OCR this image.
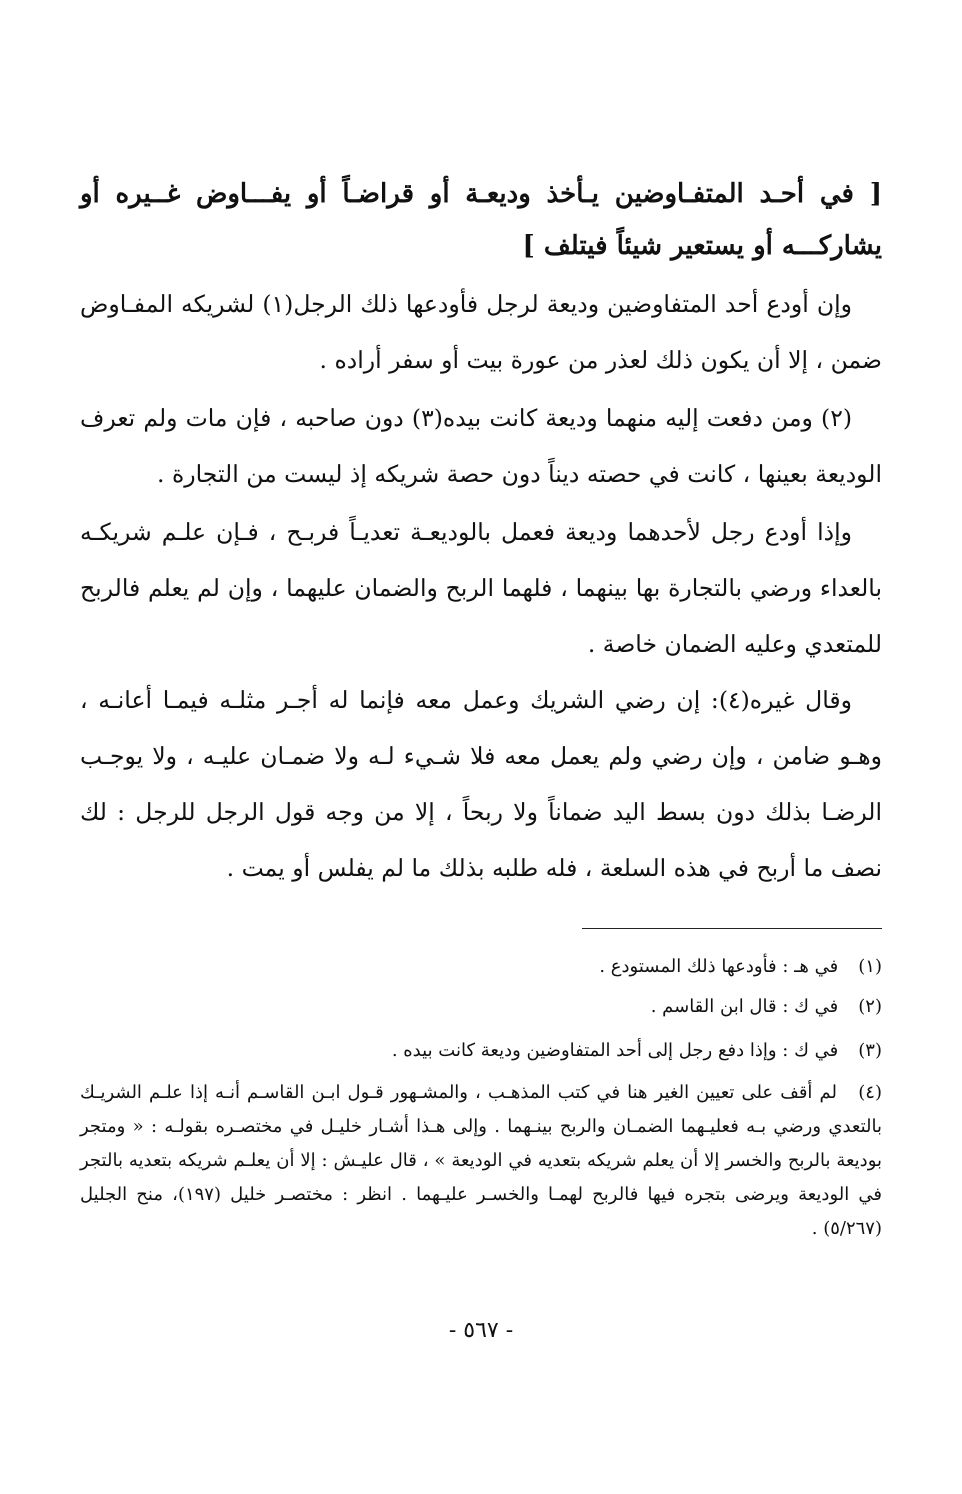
[ في أحـد المتفـاوضين يـأخذ وديعـة أو قراضـاً أو يفـــاوض غــيره أو يشاركـــه أو يستعير شيئاً فيتلف ]
وإن أودع أحد المتفاوضين وديعة لرجل فأودعها ذلك الرجل(١) لشريكه المفـاوض ضمن ، إلا أن يكون ذلك لعذر من عورة بيت أو سفر أراده .
(٢) ومن دفعت إليه منهما وديعة كانت بيده(٣) دون صاحبه ، فإن مات ولم تعرف الوديعة بعينها ، كانت في حصته ديناً دون حصة شريكه إذ ليست من التجارة .
وإذا أودع رجل لأحدهما وديعة فعمل بالوديعـة تعديـاً فربـح ، فـإن علـم شريكـه بالعداء ورضي بالتجارة بها بينهما ، فلهما الربح والضمان عليهما ، وإن لم يعلم فالربح للمتعدي وعليه الضمان خاصة .
وقال غيره(٤): إن رضي الشريك وعمل معه فإنما له أجـر مثلـه فيمـا أعانـه ، وهـو ضامن ، وإن رضي ولم يعمل معه فلا شـيء لـه ولا ضمـان عليـه ، ولا يوجـب الرضـا بذلك دون بسط اليد ضماناً ولا ربحاً ، إلا من وجه قول الرجل للرجل : لك نصف ما أربح في هذه السلعة ، فله طلبه بذلك ما لم يفلس أو يمت .
(١) في هـ : فأودعها ذلك المستودع .
(٢) في ك : قال ابن القاسم .
(٣) في ك : وإذا دفع رجل إلى أحد المتفاوضين وديعة كانت بيده .
(٤) لم أقف على تعيين الغير هنا في كتب المذهـب ، والمشـهور قـول ابـن القاسـم أنـه إذا علـم الشريـك بالتعدي ورضي بـه فعليـهما الضمـان والربح بينـهما . وإلى هـذا أشـار خليـل في مختصـره بقولـه : « ومتجر بوديعة بالربح والخسر إلا أن يعلم شريكه بتعديه في الوديعة » ، قال عليـش : إلا أن يعلـم شريكه بتعديه بالتجر في الوديعة ويرضى بتجره فيها فالربح لهمـا والخسـر عليـهما . انظر : مختصـر خليل (١٩٧)، منح الجليل (٥/٢٦٧) .
- ٥٦٧ -
